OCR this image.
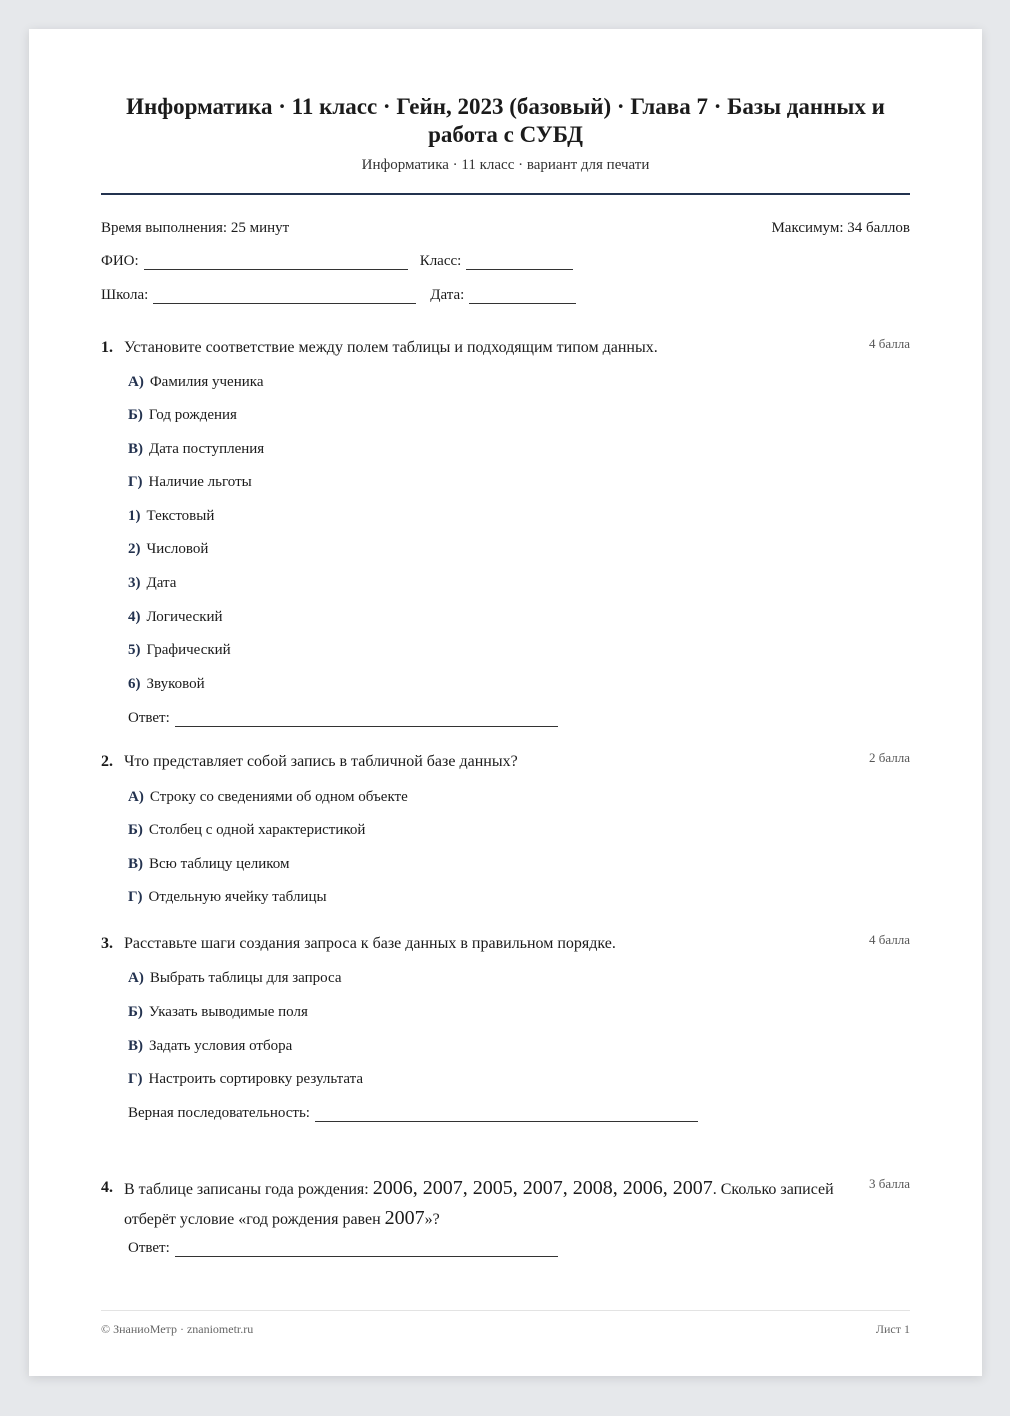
Информатика · 11 класс · Гейн, 2023 (базовый) · Глава 7 · Базы данных и работа с СУБД

Информатика · 11 класс · вариант для печати

Время выполнения: 25 минут	Максимум: 34 баллов
ФИО:	Класс:
Школа:	Дата:
1. Установите соответствие между полем таблицы и подходящим типом данных.	4 балла
А) Фамилия ученика
Б) Год рождения
В) Дата поступления
Г) Наличие льготы
1) Текстовый
2) Числовой
3) Дата
4) Логический
5) Графический
6) Звуковой
Ответ:
2. Что представляет собой запись в табличной базе данных?	2 балла
А) Строку со сведениями об одном объекте
Б) Столбец с одной характеристикой
В) Всю таблицу целиком
Г) Отдельную ячейку таблицы
3. Расставьте шаги создания запроса к базе данных в правильном порядке.	4 балла
А) Выбрать таблицы для запроса
Б) Указать выводимые поля
В) Задать условия отбора
Г) Настроить сортировку результата
Верная последовательность:
4. В таблице записаны года рождения: 2006, 2007, 2005, 2007, 2008, 2006, 2007. Сколько записей отберёт условие «год рождения равен 2007»?
3 балла
Ответ:
© ЗнаниоМетр · znaniometr.ru	Лист 1
